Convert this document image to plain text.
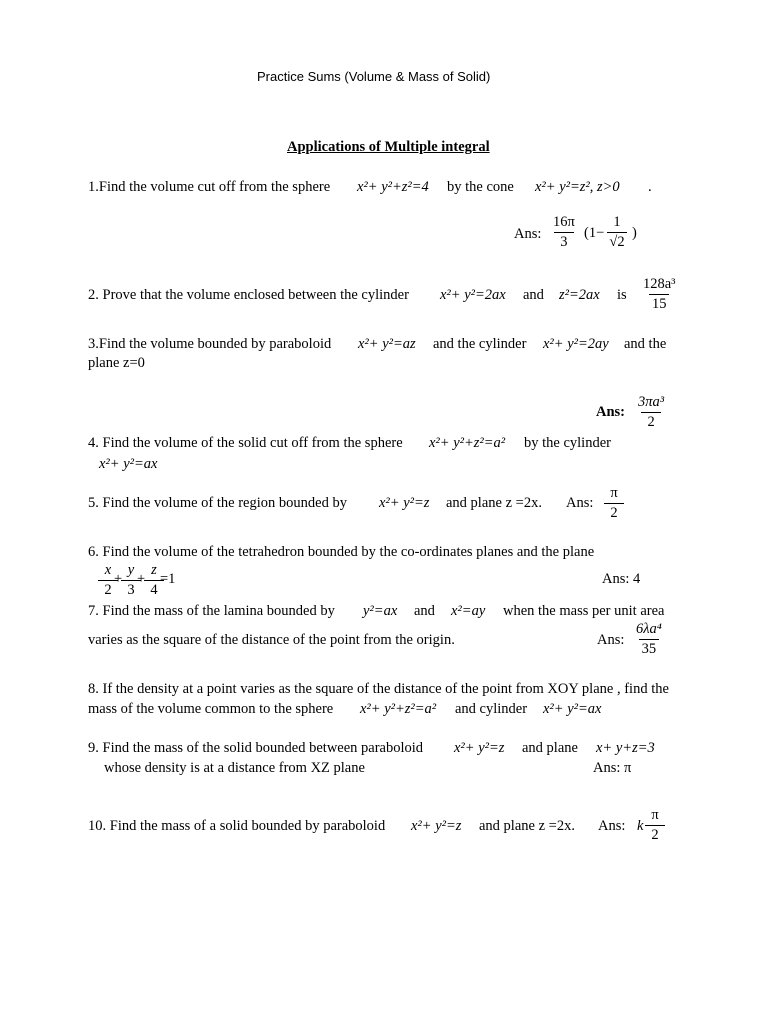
Practice Sums (Volume & Mass of Solid)
Applications of Multiple integral
1.Find the volume cut off from the sphere x²+ y²+z²=4 by the cone x²+ y²=z², z>0 .
Ans: $\frac{16\pi}{3} (1- \frac{1}{√2}$ )
2. Prove that the volume enclosed between the cylinder x²+ y²=2ax and z²=2ax is $\frac{\text{128a³}}{15}$
3.Find the volume bounded by paraboloid x²+ y²=az and the cylinder x²+ y²=2ay and the
plane z=0
Ans: $\frac{\text{3πa³}}{2}$
4. Find the volume of the solid cut off from the sphere x²+ y²+z²=a² by the cylinder
x²+ y²=ax
5. Find the volume of the region bounded by x²+ y²=z and plane z =2x. Ans: $\frac{\pi}{2}$
6. Find the volume of the tetrahedron bounded by the co-ordinates planes and the plane
$\frac{x}{2}$
+
$\frac{y}{3}$
+
$\frac{z}{4}$
=1	Ans: 4
7. Find the mass of the lamina bounded by y²=ax and x²=ay when the mass per unit area
varies as the square of the distance of the point from the origin.	Ans: $\frac{\text{6λa⁴}}{35}$
8. If the density at a point varies as the square of the distance of the point from XOY plane , find the
mass of the volume common to the sphere x²+ y²+z²=a² and cylinder x²+ y²=ax
9. Find the mass of the solid bounded between paraboloid x²+ y²=z and plane x+ y+z=3
whose density is at a distance from XZ plane	Ans: π
10. Find the mass of a solid bounded by paraboloid x²+ y²=z and plane z =2x. Ans: k $\frac{\pi}{2}$
